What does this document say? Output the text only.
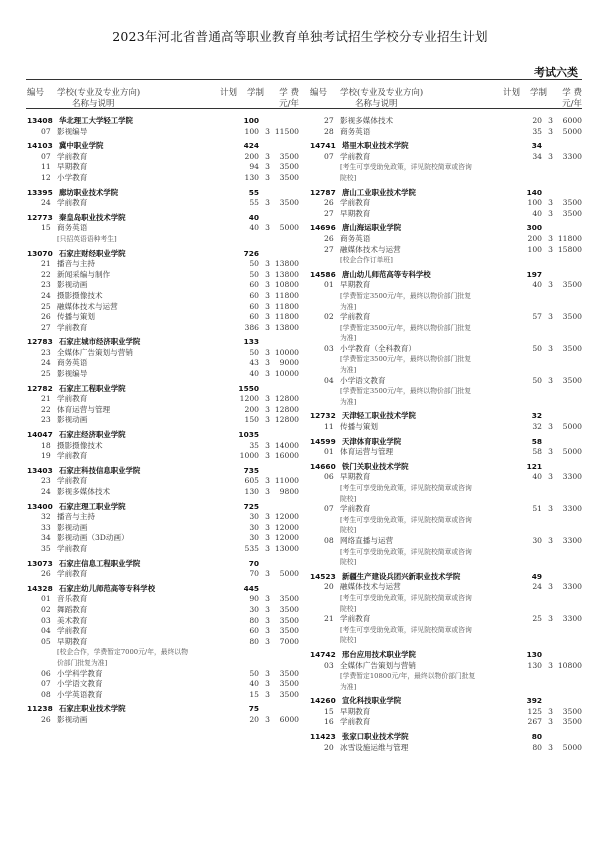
2023年河北省普通高等职业教育单独考试招生学校分专业招生计划
考试六类
编号 学校(专业及专业方向)
名称与说明
计划 学制 学 费
元/年
13408 华北理工大学轻工学院	100
07 影视编导	100 3 11500
14103 冀中职业学院	424
07 学前教育	200 3	3500
11 早期教育	94 3	3500
12 小学教育	130 3	3500
13395 廊坊职业技术学院	55
24 学前教育	55 3	3500
12773 秦皇岛职业技术学院	40
15 商务英语	40 3	5000
[只招英语语种考生]
13070 石家庄财经职业学院	726
21 播音与主持	50 3 13800
22 新闻采编与制作	50 3 13800
23 影视动画	60 3 10800
24 摄影摄像技术	60 3 11800
25 融媒体技术与运营	60 3 11800
26 传播与策划	60 3 11800
27 学前教育	386 3 13800
12783 石家庄城市经济职业学院	133
23 全媒体广告策划与营销	50 3 10000
24 商务英语	43 3	9000
25 影视编导	40 3 10000
12782 石家庄工程职业学院	1550
21 学前教育	1200 3 12800
22 体育运营与管理	200 3 12800
23 影视动画	150 3 12800
14047 石家庄经济职业学院	1035
18 摄影摄像技术	35 3 14000
19 学前教育	1000 3 16000
13403 石家庄科技信息职业学院	735
23 学前教育	605 3 11000
24 影视多媒体技术	130 3	9800
13400 石家庄理工职业学院	725
32 播音与主持	30 3 12000
33 影视动画	30 3 12000
34 影视动画（3D动画）	30 3 12000
35 学前教育	535 3 13000
13073 石家庄信息工程职业学院	70
26 学前教育	70 3	5000
14328 石家庄幼儿师范高等专科学校	445
01 音乐教育	90 3	3500
02 舞蹈教育	30 3	3500
03 美术教育	80 3	3500
04 学前教育	60 3	3500
05 早期教育	80 3	7000
[校企合作，学费暂定7000元/年，最终以物
价部门批复为准]
06 小学科学教育	50 3	3500
07 小学语文教育	40 3	3500
08 小学英语教育	15 3	3500
11238 石家庄职业技术学院	75
26 影视动画	20 3	6000
编号 学校(专业及专业方向)
名称与说明
计划 学制 学 费
元/年
27 影视多媒体技术	20 3	6000
28 商务英语	35 3	5000
14741 塔里木职业技术学院	34
07 学前教育	34 3	3300
[考生可享受助免政策，详见院校简章或咨询
院校]
12787 唐山工业职业技术学院	140
26 学前教育	100 3	3500
27 早期教育	40 3	3500
14696 唐山海运职业学院	300
26 商务英语	200 3 11800
27 融媒体技术与运营	100 3 15800
[校企合作订单班]
14586 唐山幼儿师范高等专科学校	197
01 早期教育	40 3	3500
[学费暂定3500元/年，最终以物价部门批复
为准]
02 学前教育	57 3	3500
[学费暂定3500元/年，最终以物价部门批复
为准]
03 小学教育（全科教育）	50 3	3500
[学费暂定3500元/年，最终以物价部门批复
为准]
04 小学语文教育	50 3	3500
[学费暂定3500元/年，最终以物价部门批复
为准]
12732 天津轻工职业技术学院	32
11 传播与策划	32 3	5000
14599 天津体育职业学院	58
01 体育运营与管理	58 3	5000
14660 铁门关职业技术学院	121
06 早期教育	40 3	3300
[考生可享受助免政策，详见院校简章或咨询
院校]
07 学前教育	51 3	3300
[考生可享受助免政策，详见院校简章或咨询
院校]
08 网络直播与运营	30 3	3300
[考生可享受助免政策，详见院校简章或咨询
院校]
14523 新疆生产建设兵团兴新职业技术学院	49
20 融媒体技术与运营	24 3	3300
[考生可享受助免政策，详见院校简章或咨询
院校]
21 学前教育	25 3	3300
[考生可享受助免政策，详见院校简章或咨询
院校]
14742 邢台应用技术职业学院	130
03 全媒体广告策划与营销	130 3 10800
[学费暂定10800元/年，最终以物价部门批复
为准]
14260 宣化科技职业学院	392
15 早期教育	125 3	3500
16 学前教育	267 3	3500
11423 张家口职业技术学院	80
20 冰雪设施运维与管理	80 3	5000
